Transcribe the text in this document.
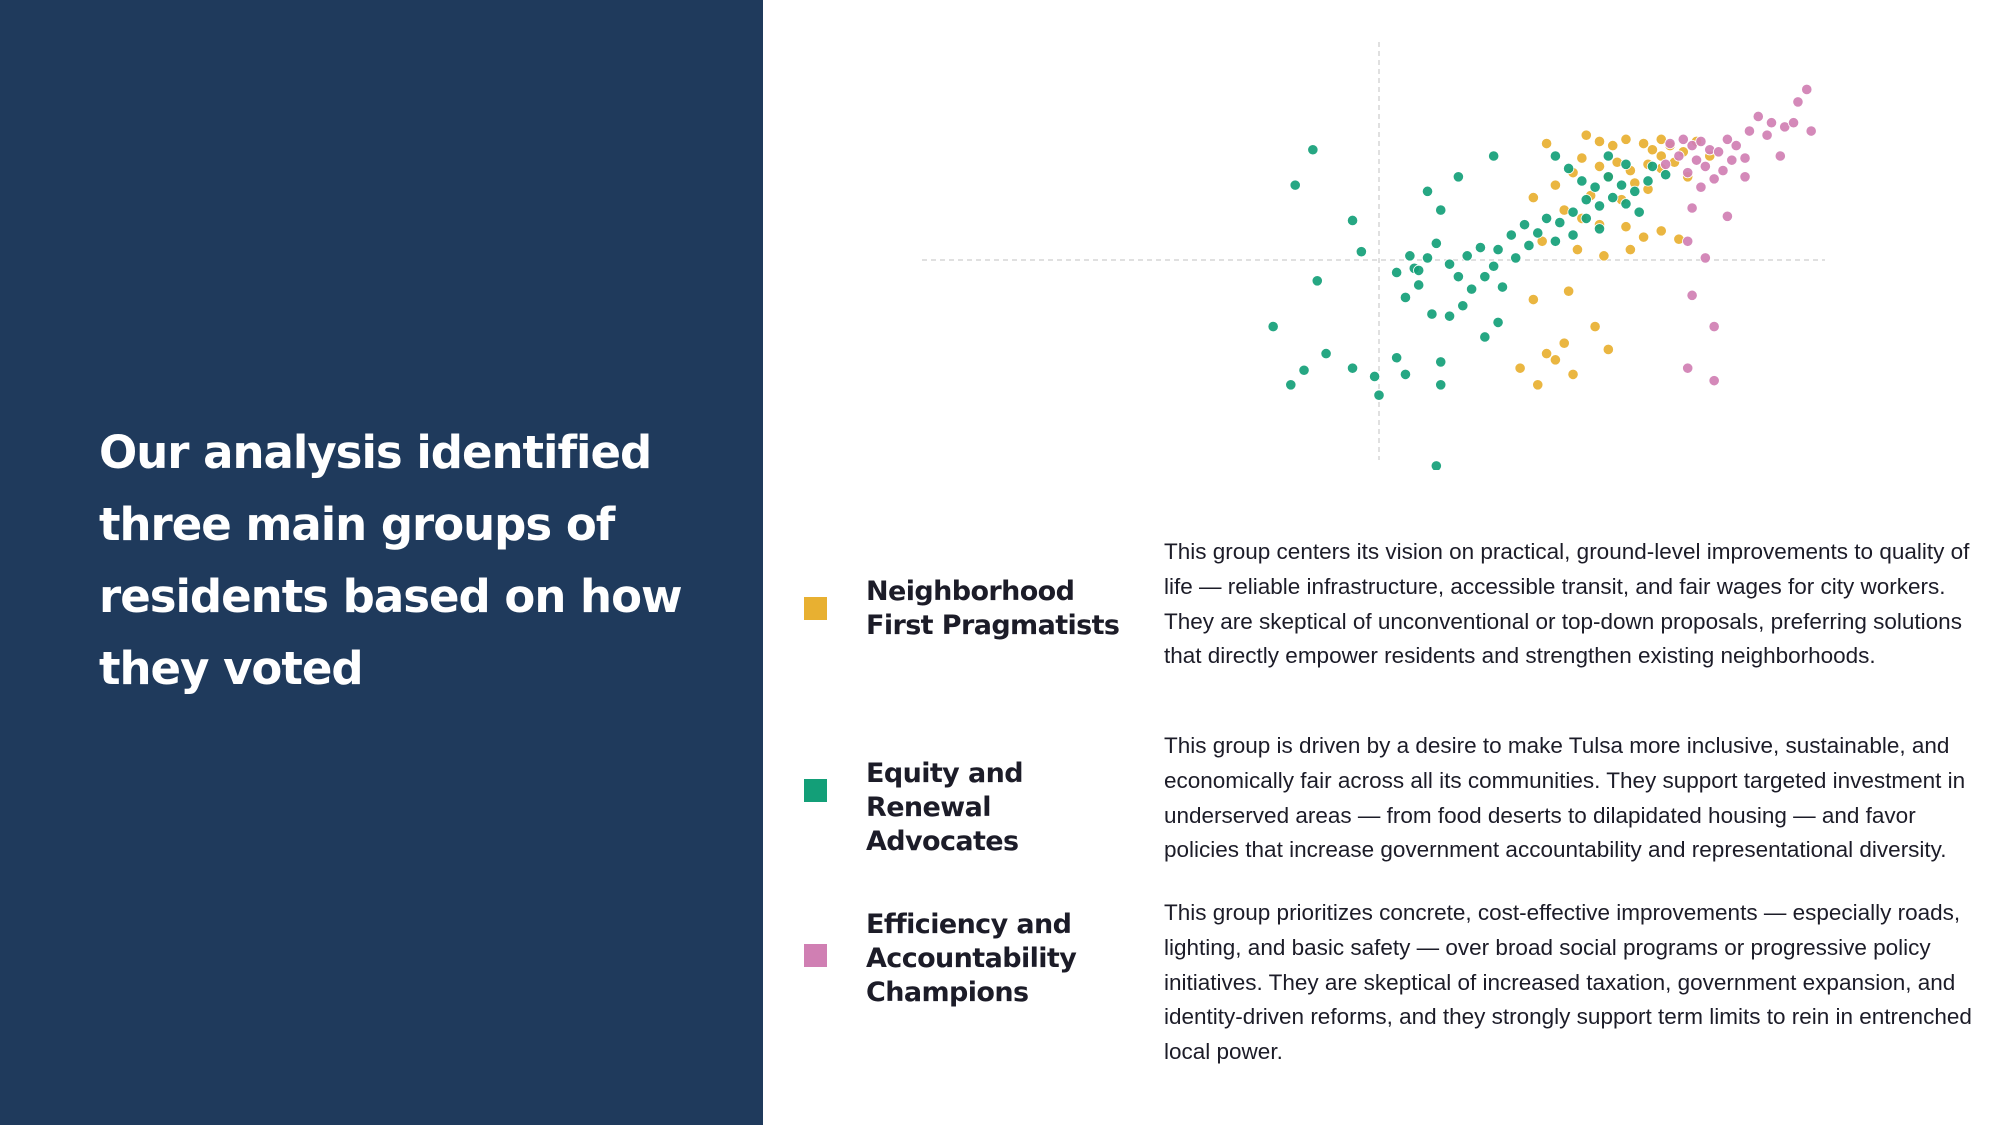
Our analysis identified three main groups of residents based on how they voted
Neighborhood First Pragmatists

This group centers its vision on practical, ground-level improvements to quality of life — reliable infrastructure, accessible transit, and fair wages for city workers. They are skeptical of unconventional or top-down proposals, preferring solutions that directly empower residents and strengthen existing neighborhoods.

Equity and Renewal Advocates

This group is driven by a desire to make Tulsa more inclusive, sustainable, and economically fair across all its communities. They support targeted investment in underserved areas — from food deserts to dilapidated housing — and favor policies that increase government accountability and representational diversity.

Efficiency and Accountability Champions

This group prioritizes concrete, cost-effective improvements — especially roads, lighting, and basic safety — over broad social programs or progressive policy initiatives. They are skeptical of increased taxation, government expansion, and identity-driven reforms, and they strongly support term limits to rein in entrenched local power.
